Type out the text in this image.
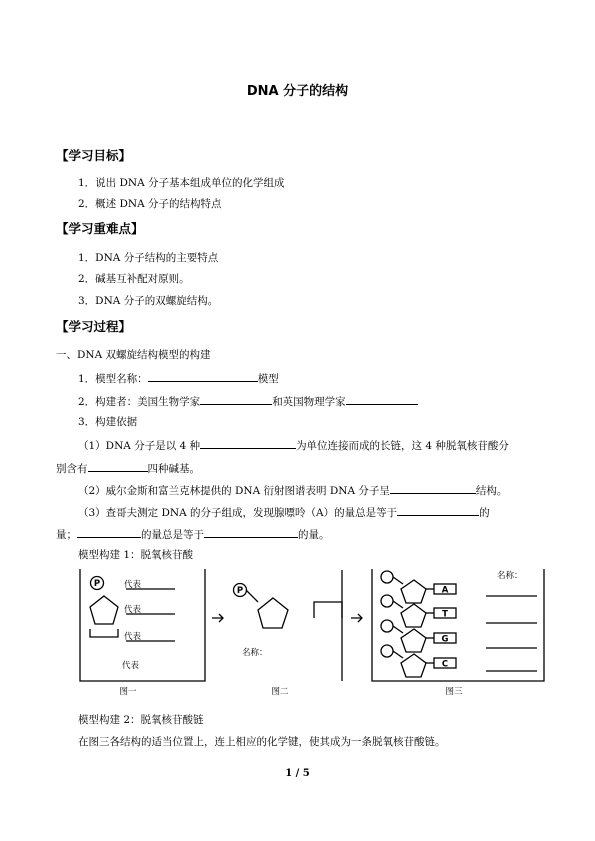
DNA 分子的结构
【学习目标】
1．说出 DNA 分子基本组成单位的化学组成
2．概述 DNA 分子的结构特点
【学习重难点】
1．DNA 分子结构的主要特点
2．碱基互补配对原则。
3．DNA 分子的双螺旋结构。
【学习过程】
一、DNA 双螺旋结构模型的构建
1．模型名称：	模型
2．构建者：美国生物学家	和英国物理学家
3．构建依据
（1）DNA 分子是以 4 种	为单位连接而成的长链，这 4 种脱氧核苷酸分
别含有	四种碱基。
（2）威尔金斯和富兰克林提供的 DNA 衍射图谱表明 DNA 分子呈	结构。
（3）查哥夫测定 DNA 的分子组成，发现腺嘌呤（A）的量总是等于	的
量；	的量总是等于	的量。
模型构建 1：脱氧核苷酸
P
P
代表
代表
代表
代表
名称：
名称：
A
T
G
C
图一	图二	图三
模型构建 2：脱氧核苷酸链
在图三各结构的适当位置上，连上相应的化学键，使其成为一条脱氧核苷酸链。
1 / 5
